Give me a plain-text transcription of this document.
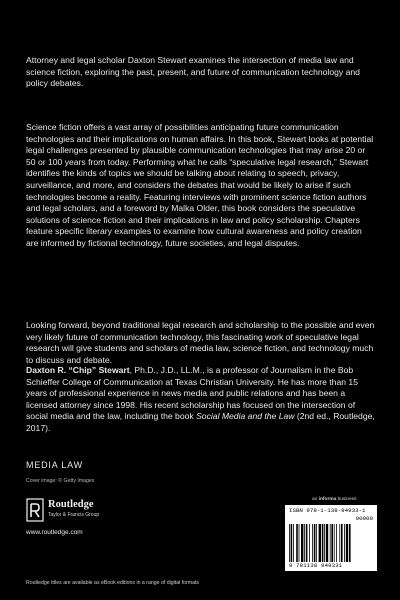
Attorney and legal scholar Daxton Stewart examines the intersection of media law and science fiction, exploring the past, present, and future of communication technology and policy debates.

Science fiction offers a vast array of possibilities anticipating future communication technologies and their implications on human affairs. In this book, Stewart looks at potential legal challenges presented by plausible communication technologies that may arise 20 or 50 or 100 years from today. Performing what he calls “speculative legal research,” Stewart identifies the kinds of topics we should be talking about relating to speech, privacy, surveillance, and more, and considers the debates that would be likely to arise if such technologies become a reality. Featuring interviews with prominent science fiction authors and legal scholars, and a foreword by Malka Older, this book considers the speculative solutions of science fiction and their implications in law and policy scholarship. Chapters feature specific literary examples to examine how cultural awareness and policy creation are informed by fictional technology, future societies, and legal disputes.

Looking forward, beyond traditional legal research and scholarship to the possible and even very likely future of communication technology, this fascinating work of speculative legal research will give students and scholars of media law, science fiction, and technology much to discuss and debate.

Daxton R. “Chip” Stewart, Ph.D., J.D., LL.M., is a professor of Journalism in the Bob Schieffer College of Communication at Texas Christian University. He has more than 15 years of professional experience in news media and public relations and has been a licensed attorney since 1998. His recent scholarship has focused on the intersection of social media and the law, including the book Social Media and the Law (2nd ed., Routledge, 2017).

MEDIA LAW
Cover image: © Getty Images
Routledge
Taylor & Francis Group
www.routledge.com
an informa business
ISBN 978-1-138-94933-1
90000
9 781138 949331
Routledge titles are available as eBook editions in a range of digital formats
